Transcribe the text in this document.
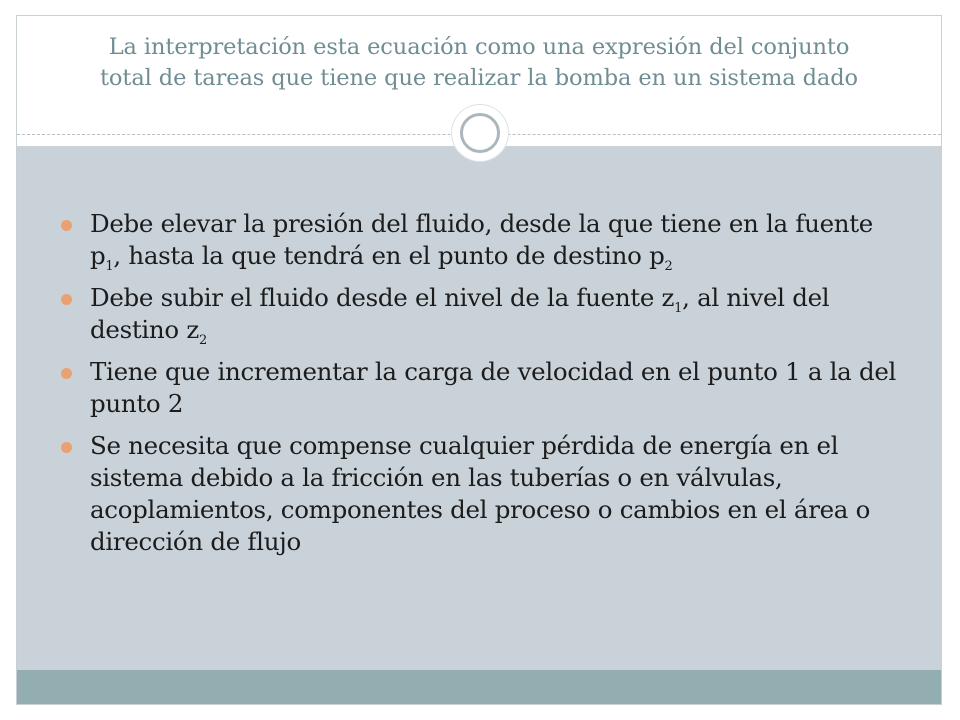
La interpretación esta ecuación como una expresión del conjunto
total de tareas que tiene que realizar la bomba en un sistema dado
Debe elevar la presión del fluido, desde la que tiene en la fuente $p_1$, hasta la que tendrá en el punto de destino $p_2$
Debe subir el fluido desde el nivel de la fuente $z_1$, al nivel del destino $z_2$
Tiene que incrementar la carga de velocidad en el punto 1 a la del punto 2
Se necesita que compense cualquier pérdida de energía en el sistema debido a la fricción en las tuberías o en válvulas, acoplamientos, componentes del proceso o cambios en el área o dirección de flujo
